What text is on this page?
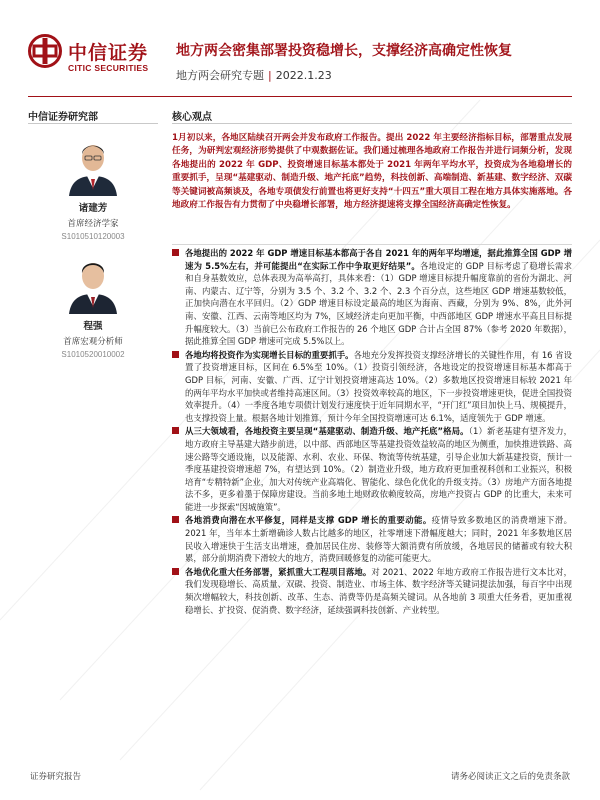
中信证券
CITIC SECURITIES
地方两会密集部署投资稳增长，支撑经济高确定性恢复
地方两会研究专题 | 2022.1.23
中信证券研究部
诸建芳
首席经济学家
S1010510120003
程强
首席宏观分析师
S1010520010002
核心观点
1月初以来，各地区陆续召开两会并发布政府工作报告。提出 2022 年主要经济指标目标，部署重点发展任务，为研判宏观经济形势提供了中观数据佐证。我们通过梳理各地政府工作报告并进行词频分析，发现各地提出的 2022 年 GDP、投资增速目标基本都处于 2021 年两年平均水平，投资成为各地稳增长的重要抓手，呈现“基建驱动、制造升级、地产托底”趋势，科技创新、高端制造、新基建、数字经济、双碳等关键词被高频谈及，各地专项债发行前置也将更好支持“十四五”重大项目工程在地方具体实施落地。各地政府工作报告有力贯彻了中央稳增长部署，地方经济提速将支撑全国经济高确定性恢复。
各地提出的 2022 年 GDP 增速目标基本都高于各自 2021 年的两年平均增速，据此推算全国 GDP 增速为 5.5%左右，并可能提出“在实际工作中争取更好结果”。各地设定的 GDP 目标考虑了稳增长需求和自身基数效应，总体表现为高举高打，具体来看：（1）GDP 增速目标提升幅度靠前的省份为湖北、河南、内蒙古、辽宁等，分别为 3.5 个、3.2 个、3.2 个、2.3 个百分点，这些地区 GDP 增速基数较低，正加快向潜在水平回归。（2）GDP 增速目标设定最高的地区为海南、西藏，分别为 9%、8%，此外河南、安徽、江西、云南等地区均为 7%，区域经济走向更加平衡，中西部地区 GDP 增速水平高且目标提升幅度较大。（3）当前已公布政府工作报告的 26 个地区 GDP 合计占全国 87%（参考 2020 年数据），据此推算全国 GDP 增速可完成 5.5%以上。
各地均将投资作为实现增长目标的重要抓手。各地充分发挥投资支撑经济增长的关键性作用，有 16 省设置了投资增速目标，区间在 6.5%至 10%。（1）投资引领经济，各地设定的投资增速目标基本都高于 GDP 目标，河南、安徽、广西、辽宁计划投资增速高达 10%。（2）多数地区投资增速目标较 2021 年的两年平均水平加快或者维持高速区间。（3）投资效率较高的地区，下一步投资增速更快，促进全国投资效率提升。（4）一季度各地专项债计划发行速度快于近年同期水平，“开门红”项目加快上马、规模提升，也支撑投资上量。根据各地计划推算，预计今年全国投资增速可达 6.1%，适度领先于 GDP 增速。
从三大领域看，各地投资主要呈现“基建驱动、制造升级、地产托底”格局。（1）新老基建有望齐发力，地方政府主导基建大踏步前进，以中部、西部地区等基建投资效益较高的地区为侧重，加快推进铁路、高速公路等交通设施，以及能源、水利、农业、环保、物流等传统基建，引导企业加大新基建投资，预计一季度基建投资增速超 7%，有望达到 10%。（2）制造业升级，地方政府更加重视科创和工业振兴，积极培育“专精特新”企业，加大对传统产业高端化、智能化、绿色化优化的升级支持。（3）房地产方面各地提法不多，更多着墨于保障房建设。当前多地土地财政依赖度较高，房地产投资占 GDP 的比重大，未来可能进一步探索“因城施策”。
各地消费向潜在水平修复，同样是支撑 GDP 增长的重要动能。疫情导致多数地区的消费增速下滑。2021 年，当年本土新增确诊人数占比越多的地区，社零增速下滑幅度越大；同时，2021 年多数地区居民收入增速快于生活支出增速，叠加居民住房、装修等大额消费有所放缓，各地居民的储蓄或有较大积累，部分前期消费下滑较大的地方，消费回暖修复的动能可能更大。
各地优化重大任务部署，紧抓重大工程项目落地。对 2021、2022 年地方政府工作报告进行文本比对，我们发现稳增长、高质量、双碳、投资、制造业、市场主体、数字经济等关键词提法加强，每百字中出现频次增幅较大，科技创新、改革、生态、消费等仍是高频关键词。从各地前 3 项重大任务看，更加重视稳增长、扩投资、促消费、数字经济，延续强调科技创新、产业转型。
证券研究报告	请务必阅读正文之后的免责条款
